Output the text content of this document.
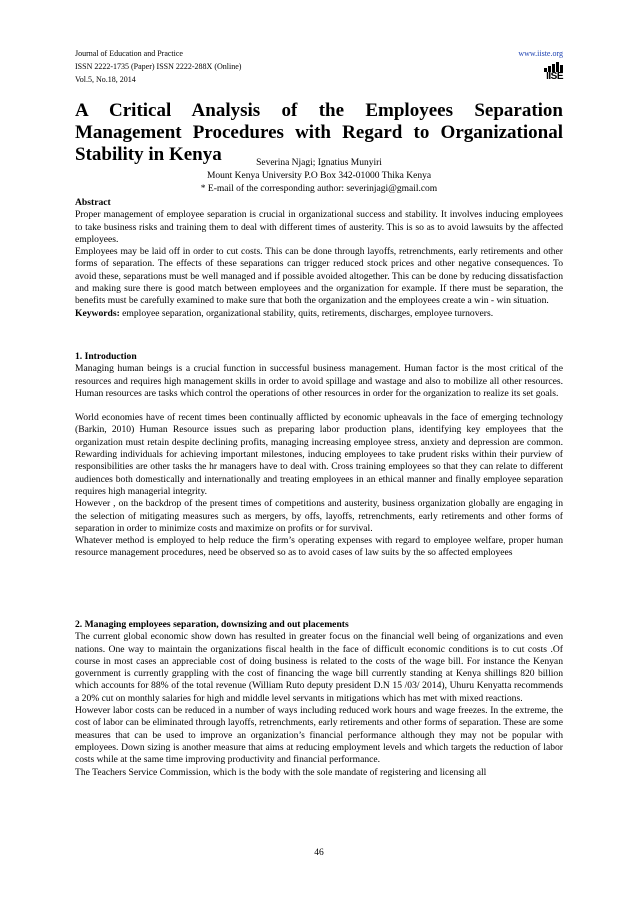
Journal of Education and Practice
ISSN 2222-1735 (Paper) ISSN 2222-288X (Online)
Vol.5, No.18, 2014
www.iiste.org
IISE
A Critical Analysis of the Employees Separation Management Procedures with Regard to Organizational Stability in Kenya	Severina Njagi; Ignatius Munyiri
Mount Kenya University P.O Box 342-01000 Thika Kenya
* E-mail of the corresponding author: severinjagi@gmail.com

Abstract

Proper management of employee separation is crucial in organizational success and stability. It involves inducing employees to take business risks and training them to deal with different times of austerity. This is so as to avoid lawsuits by the affected employees.

Employees may be laid off in order to cut costs. This can be done through layoffs, retrenchments, early retirements and other forms of separation. The effects of these separations can trigger reduced stock prices and other negative consequences. To avoid these, separations must be well managed and if possible avoided altogether. This can be done by reducing dissatisfaction and making sure there is good match between employees and the organization for example. If there must be separation, the benefits must be carefully examined to make sure that both the organization and the employees create a win - win situation.

Keywords: employee separation, organizational stability, quits, retirements, discharges, employee turnovers.

1. Introduction

Managing human beings is a crucial function in successful business management. Human factor is the most critical of the resources and requires high management skills in order to avoid spillage and wastage and also to mobilize all other resources. Human resources are tasks which control the operations of other resources in order for the organization to realize its set goals.

World economies have of recent times been continually afflicted by economic upheavals in the face of emerging technology (Barkin, 2010) Human Resource issues such as preparing labor production plans, identifying key employees that the organization must retain despite declining profits, managing increasing employee stress, anxiety and depression are common. Rewarding individuals for achieving important milestones, inducing employees to take prudent risks within their purview of responsibilities are other tasks the hr managers have to deal with. Cross training employees so that they can relate to different audiences both domestically and internationally and treating employees in an ethical manner and finally employee separation requires high managerial integrity.

However , on the backdrop of the present times of competitions and austerity, business organization globally are engaging in the selection of mitigating measures such as mergers, by offs, layoffs, retrenchments, early retirements and other forms of separation in order to minimize costs and maximize on profits or for survival.

Whatever method is employed to help reduce the firm’s operating expenses with regard to employee welfare, proper human resource management procedures, need be observed so as to avoid cases of law suits by the so affected employees

2. Managing employees separation, downsizing and out placements

The current global economic show down has resulted in greater focus on the financial well being of organizations and even nations. One way to maintain the organizations fiscal health in the face of difficult economic conditions is to cut costs .Of course in most cases an appreciable cost of doing business is related to the costs of the wage bill. For instance the Kenyan government is currently grappling with the cost of financing the wage bill currently standing at Kenya shillings 820 billion which accounts for 88% of the total revenue (William Ruto deputy president D.N 15 /03/ 2014), Uhuru Kenyatta recommends a 20% cut on monthly salaries for high and middle level servants in mitigations which has met with mixed reactions.

However labor costs can be reduced in a number of ways including reduced work hours and wage freezes. In the extreme, the cost of labor can be eliminated through layoffs, retrenchments, early retirements and other forms of separation. These are some measures that can be used to improve an organization’s financial performance although they may not be popular with employees. Down sizing is another measure that aims at reducing employment levels and which targets the reduction of labor costs while at the same time improving productivity and financial performance.

The Teachers Service Commission, which is the body with the sole mandate of registering and licensing all

46
